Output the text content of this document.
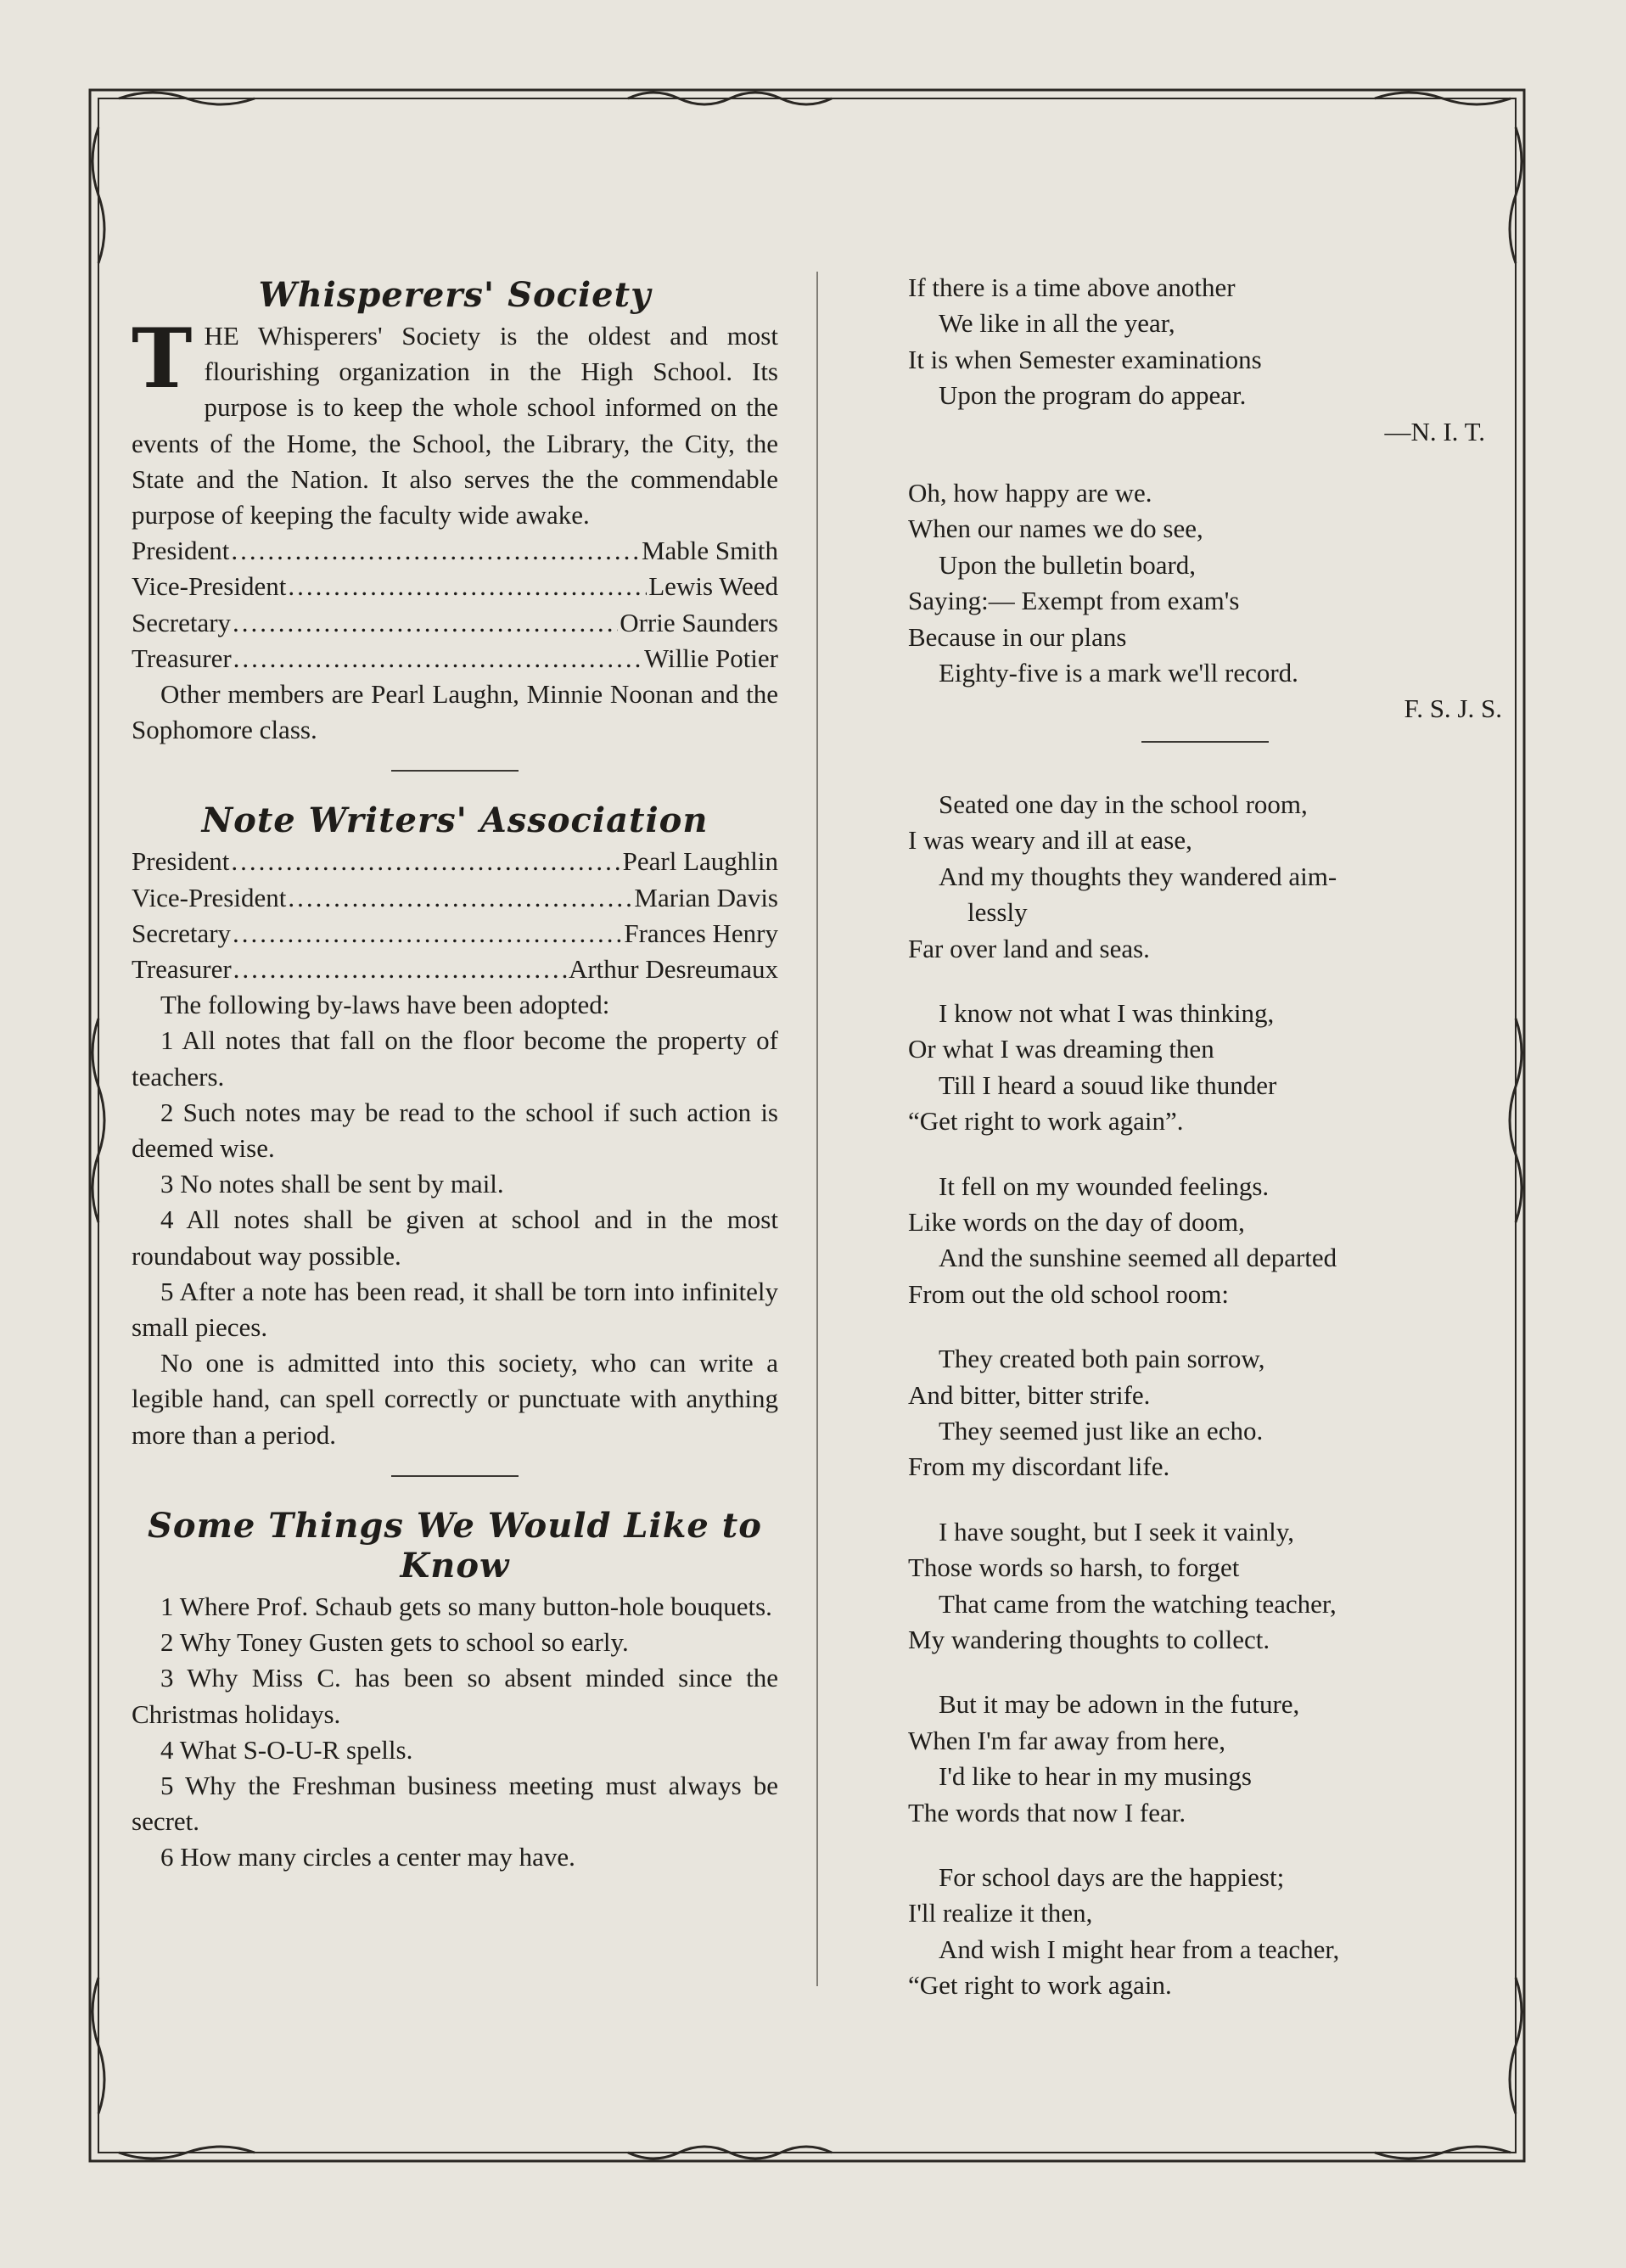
Whisperers' Society

THE Whisperers' Society is the oldest and most flourishing organization in the High School. Its purpose is to keep the whole school informed on the events of the Home, the School, the Library, the City, the State and the Nation. It also serves the the commendable purpose of keeping the faculty wide awake.

President .....	Mable Smith
Vice-President .....	Lewis Weed
Secretary .....	Orrie Saunders
Treasurer .....	Willie Potier

Other members are Pearl Laughn, Minnie Noonan and the Sophomore class.

Note Writers' Association
President .....	Pearl Laughlin
Vice-President .....	Marian Davis
Secretary .....	Frances Henry
Treasurer .....	Arthur Desreumaux

The following by-laws have been adopted:

1 All notes that fall on the floor become the property of teachers.

2 Such notes may be read to the school if such action is deemed wise.

3 No notes shall be sent by mail.

4 All notes shall be given at school and in the most roundabout way possible.

5 After a note has been read, it shall be torn into infinitely small pieces.

No one is admitted into this society, who can write a legible hand, can spell correctly or punctuate with anything more than a period.

Some Things We Would Like to Know

1 Where Prof. Schaub gets so many button-hole bouquets.

2 Why Toney Gusten gets to school so early.

3 Why Miss C. has been so absent minded since the Christmas holidays.

4 What S-O-U-R spells.

5 Why the Freshman business meeting must always be secret.

6 How many circles a center may have.

If there is a time above another
We like in all the year,
It is when Semester examinations
Upon the program do appear.
—N. I. T.
Oh, how happy are we.
When our names we do see,
Upon the bulletin board,
Saying:— Exempt from exam's
Because in our plans
Eighty-five is a mark we'll record.
F. S. J. S.
Seated one day in the school room,
I was weary and ill at ease,
And my thoughts they wandered aim-
lessly
Far over land and seas.
I know not what I was thinking,
Or what I was dreaming then
Till I heard a souud like thunder
“Get right to work again”.
It fell on my wounded feelings.
Like words on the day of doom,
And the sunshine seemed all departed
From out the old school room:
They created both pain sorrow,
And bitter, bitter strife.
They seemed just like an echo.
From my discordant life.
I have sought, but I seek it vainly,
Those words so harsh, to forget
That came from the watching teacher,
My wandering thoughts to collect.
But it may be adown in the future,
When I'm far away from here,
I'd like to hear in my musings
The words that now I fear.
For school days are the happiest;
I'll realize it then,
And wish I might hear from a teacher,
“Get right to work again.
